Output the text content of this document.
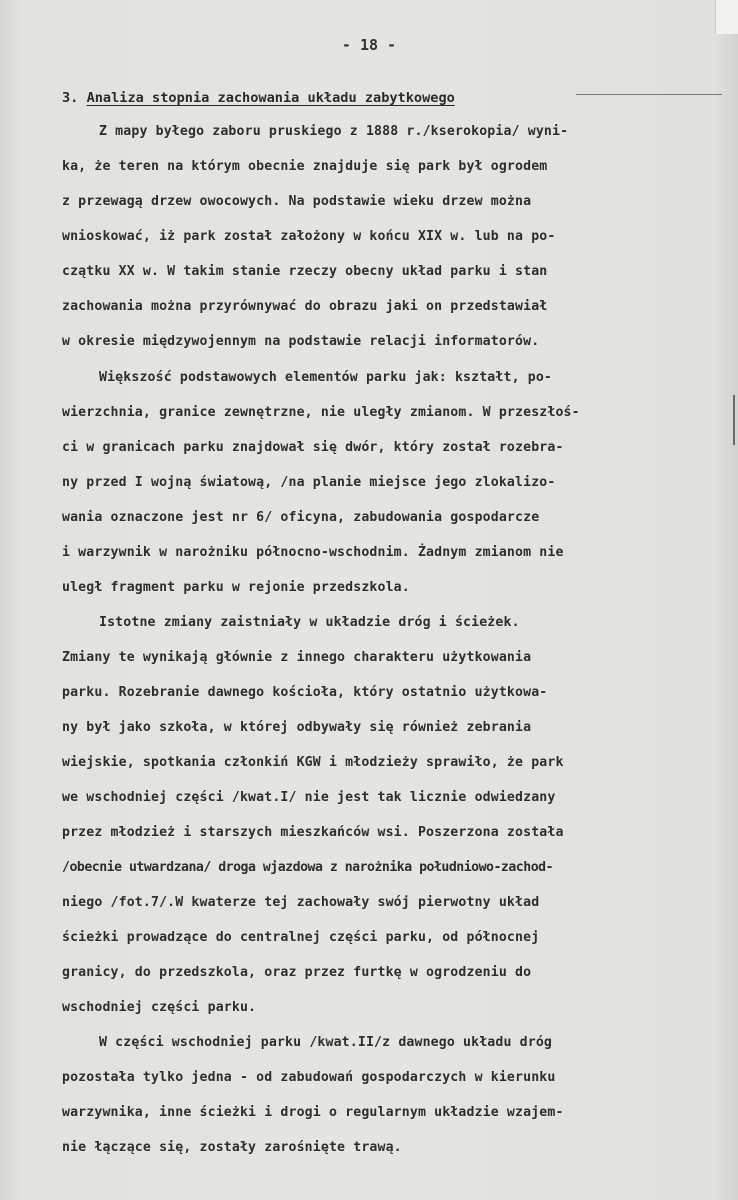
- 18 -
3. Analiza stopnia zachowania układu zabytkowego
Z mapy byłego zaboru pruskiego z 1888 r./kserokopia/ wyni-
ka, że teren na którym obecnie znajduje się park był ogrodem
z przewagą drzew owocowych. Na podstawie wieku drzew można
wnioskować, iż park został założony w końcu XIX w. lub na po-
czątku XX w. W takim stanie rzeczy obecny układ parku i stan
zachowania można przyrównywać do obrazu jaki on przedstawiał
w okresie międzywojennym na podstawie relacji informatorów.
Większość podstawowych elementów parku jak: kształt, po-
wierzchnia, granice zewnętrzne, nie uległy zmianom. W przeszłoś-
ci w granicach parku znajdował się dwór, który został rozebra-
ny przed I wojną światową, /na planie miejsce jego zlokalizo-
wania oznaczone jest nr 6/ oficyna, zabudowania gospodarcze
i warzywnik w narożniku północno-wschodnim. Żadnym zmianom nie
uległ fragment parku w rejonie przedszkola.
Istotne zmiany zaistniały w układzie dróg i ścieżek.
Zmiany te wynikają głównie z innego charakteru użytkowania
parku. Rozebranie dawnego kościoła, który ostatnio użytkowa-
ny był jako szkoła, w której odbywały się również zebrania
wiejskie, spotkania członkiń KGW i młodzieży sprawiło, że park
we wschodniej części /kwat.I/ nie jest tak licznie odwiedzany
przez młodzież i starszych mieszkańców wsi. Poszerzona została
/obecnie utwardzana/ droga wjazdowa z narożnika południowo-zachod-
niego /fot.7/.W kwaterze tej zachowały swój pierwotny układ
ścieżki prowadzące do centralnej części parku, od północnej
granicy, do przedszkola, oraz przez furtkę w ogrodzeniu do
wschodniej części parku.
W części wschodniej parku /kwat.II/z dawnego układu dróg
pozostała tylko jedna - od zabudowań gospodarczych w kierunku
warzywnika, inne ścieżki i drogi o regularnym układzie wzajem-
nie łączące się, zostały zarośnięte trawą.
